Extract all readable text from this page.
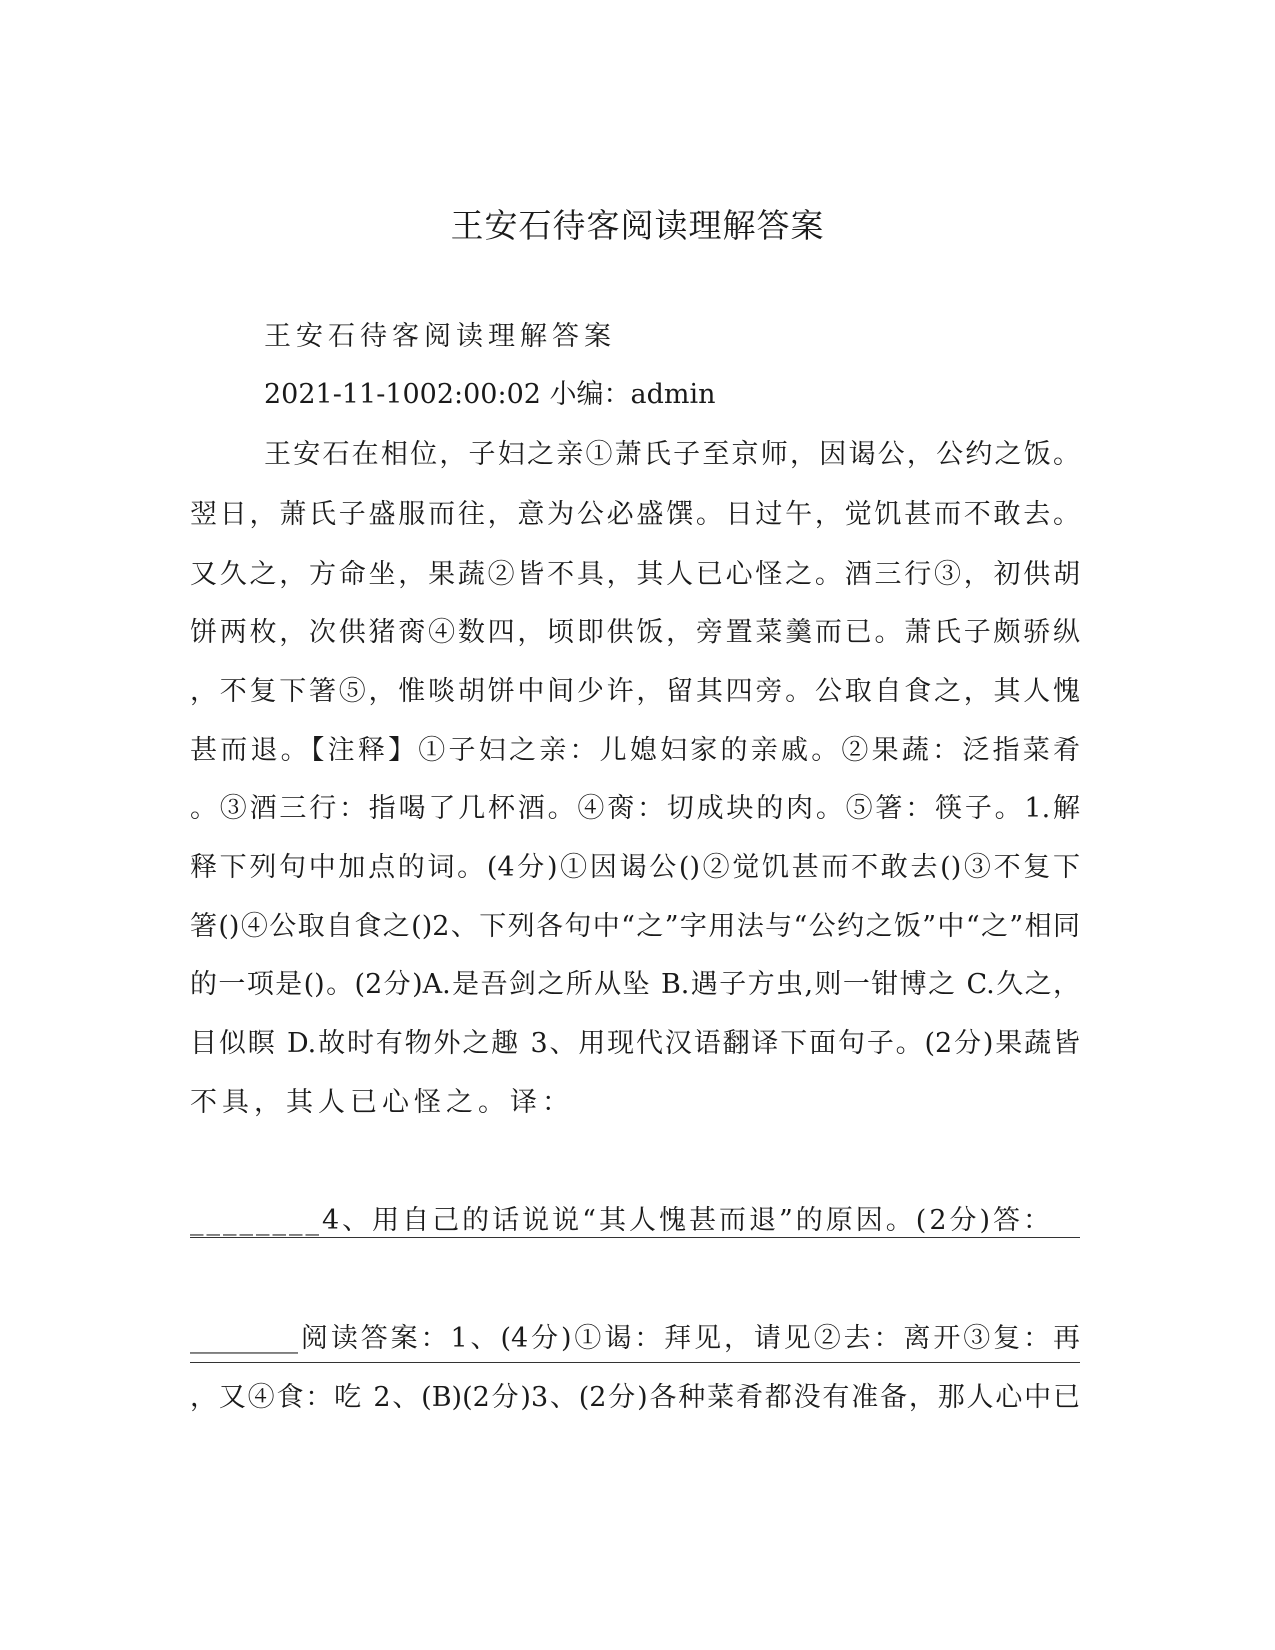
王安石待客阅读理解答案
王安石待客阅读理解答案
2021-11-1002:00:02 小编：admin
王安石在相位，子妇之亲①萧氏子至京师，因谒公，公约之饭。
翌日，萧氏子盛服而往，意为公必盛馔。日过午，觉饥甚而不敢去。
又久之，方命坐，果蔬②皆不具，其人已心怪之。酒三行③，初供胡
饼两枚，次供猪脔④数四，顷即供饭，旁置菜羹而已。萧氏子颇骄纵
，不复下箸⑤，惟啖胡饼中间少许，留其四旁。公取自食之，其人愧
甚而退。【注释】①子妇之亲：儿媳妇家的亲戚。②果蔬：泛指菜肴
。③酒三行：指喝了几杯酒。④脔：切成块的肉。⑤箸：筷子。1.解
释下列句中加点的词。(4分)①因谒公()②觉饥甚而不敢去()③不复下
箸()④公取自食之()2、下列各句中“之”字用法与“公约之饭”中“之”相同
的一项是()。(2分)A.是吾剑之所从坠 B.遇子方虫,则一钳博之 C.久之，
目似瞑 D.故时有物外之趣 3、用现代汉语翻译下面句子。(2分)果蔬皆
不具，其人已心怪之。译：
________4、用自己的话说说“其人愧甚而退”的原因。(2分)答：
________阅读答案：1、(4分)①谒：拜见，请见②去：离开③复：再
，又④食：吃 2、(B)(2分)3、(2分)各种菜肴都没有准备，那人心中已
